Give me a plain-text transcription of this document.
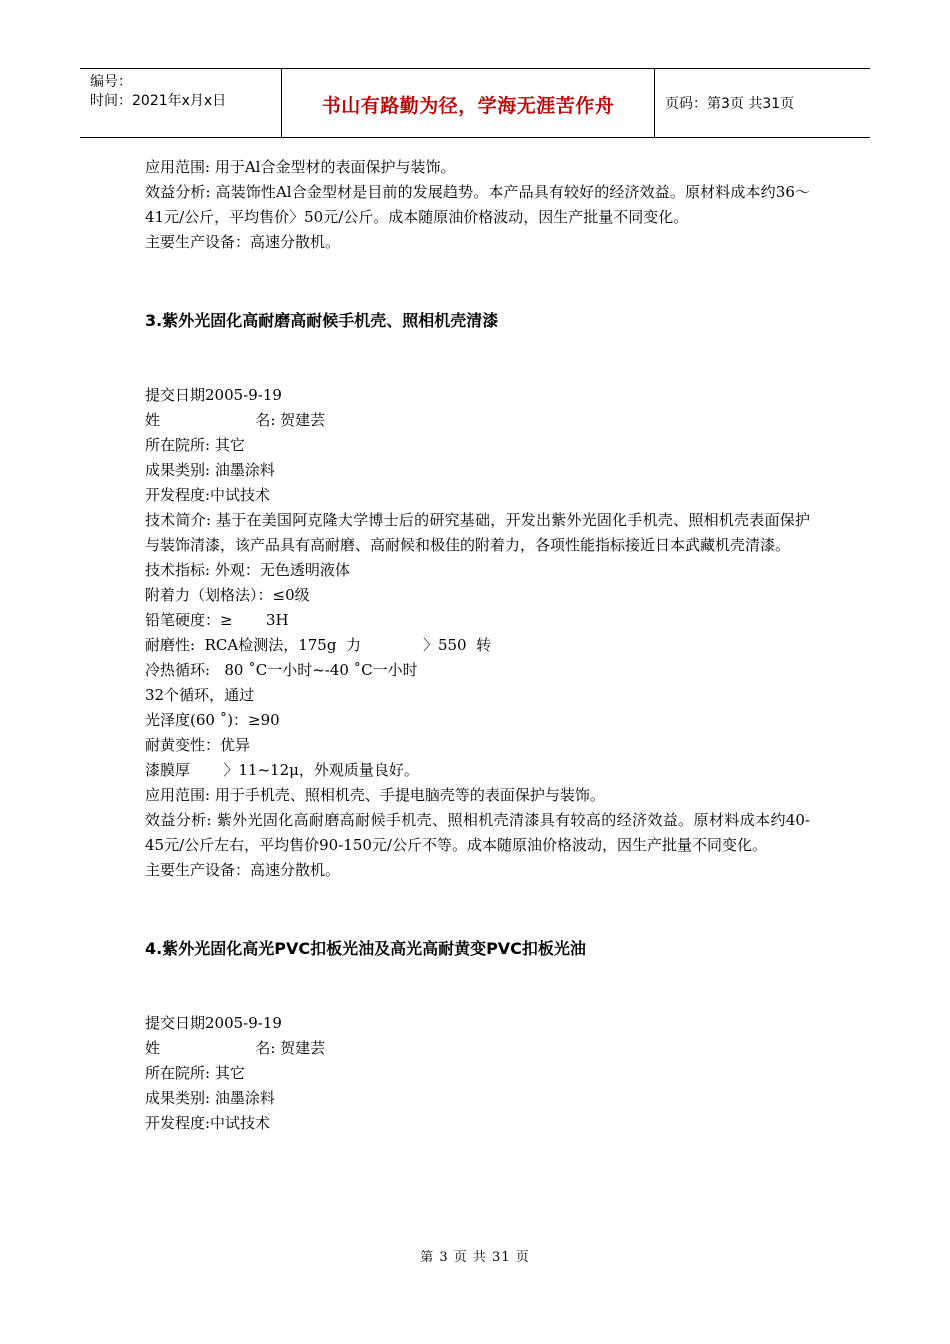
编号：
时间：2021年x月x日	书山有路勤为径，学海无涯苦作舟	页码：第3页 共31页
应用范围: 用于Al合金型材的表面保护与装饰。
效益分析: 高装饰性Al合金型材是目前的发展趋势。本产品具有较好的经济效益。原材料成本约36～41元/公斤，平均售价〉50元/公斤。成本随原油价格波动，因生产批量不同变化。
主要生产设备：高速分散机。
3.紫外光固化高耐磨高耐候手机壳、照相机壳清漆
提交日期2005-9-19
姓                    名: 贺建芸
所在院所: 其它
成果类别: 油墨涂料
开发程度:中试技术
技术简介: 基于在美国阿克隆大学博士后的研究基础，开发出紫外光固化手机壳、照相机壳表面保护与装饰清漆，该产品具有高耐磨、高耐候和极佳的附着力，各项性能指标接近日本武藏机壳清漆。
技术指标: 外观：无色透明液体
附着力（划格法）：≤0级
铅笔硬度：≥       3H
耐磨性:  RCA检测法，175g  力             〉550  转
冷热循环:   80 ˚C一小时~-40 ˚C一小时
32个循环，通过
光泽度(60 ˚)：≥90
耐黄变性：优异
漆膜厚       〉11~12μ，外观质量良好。
应用范围: 用于手机壳、照相机壳、手提电脑壳等的表面保护与装饰。
效益分析: 紫外光固化高耐磨高耐候手机壳、照相机壳清漆具有较高的经济效益。原材料成本约40-45元/公斤左右，平均售价90-150元/公斤不等。成本随原油价格波动，因生产批量不同变化。
主要生产设备：高速分散机。
4.紫外光固化高光PVC扣板光油及高光高耐黄变PVC扣板光油
提交日期2005-9-19
姓                    名: 贺建芸
所在院所: 其它
成果类别: 油墨涂料
开发程度:中试技术
第 3 页 共 31 页
